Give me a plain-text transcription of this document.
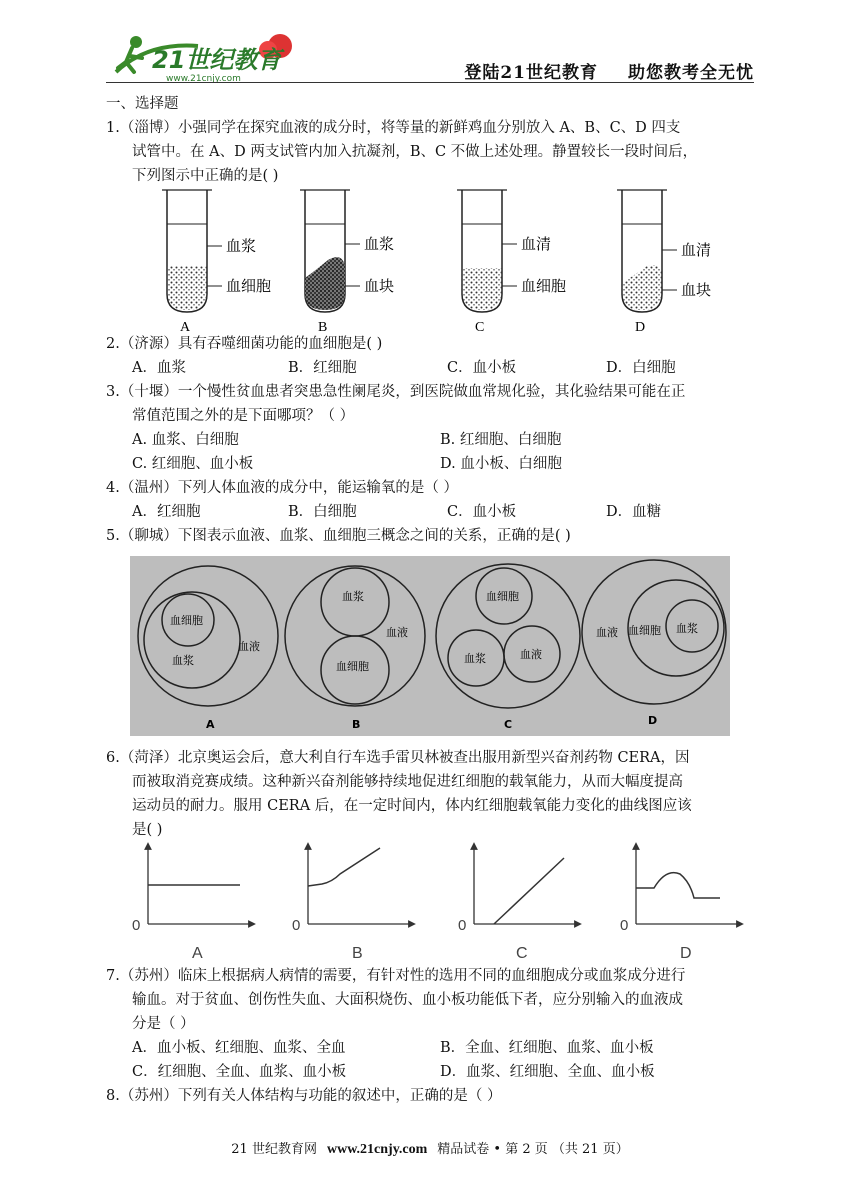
21世纪教育
www.21cnjy.com	登陆21世纪教育 助您教考全无忧
一、选择题
1.（淄博）小强同学在探究血液的成分时，将等量的新鲜鸡血分别放入 A、B、C、D 四支
试管中。在 A、D 两支试管内加入抗凝剂，B、C 不做上述处理。静置较长一段时间后，
下列图示中正确的是( )
血浆
血细胞
A
血浆
血块
B
血清
血细胞
C
血清
血块
D
2.（济源）具有吞噬细菌功能的血细胞是( )
A．血浆	B．红细胞	C．血小板	D．白细胞
3.（十堰）一个慢性贫血患者突患急性阑尾炎，到医院做血常规化验，其化验结果可能在正
常值范围之外的是下面哪项？（ ）
A. 血浆、白细胞	B. 红细胞、白细胞
C. 红细胞、血小板	D. 血小板、白细胞
4.（温州）下列人体血液的成分中，能运输氧的是（ ）
A．红细胞	B．白细胞	C．血小板	D．血糖
5.（聊城）下图表示血液、血浆、血细胞三概念之间的关系，正确的是( )
血细胞
血浆
血液
A
血浆
血液
血细胞
B
血细胞
血浆	血液
C
血液 血细胞 血浆
D
6.（菏泽）北京奥运会后，意大利自行车选手雷贝林被查出服用新型兴奋剂药物 CERA，因
而被取消竞赛成绩。这种新兴奋剂能够持续地促进红细胞的载氧能力，从而大幅度提高
运动员的耐力。服用 CERA 后，在一定时间内，体内红细胞载氧能力变化的曲线图应该
是( )
0
A
0
B
0
C
0
D
7.（苏州）临床上根据病人病情的需要，有针对性的选用不同的血细胞成分或血浆成分进行
输血。对于贫血、创伤性失血、大面积烧伤、血小板功能低下者，应分别输入的血液成
分是（ ）
A．血小板、红细胞、血浆、全血	B．全血、红细胞、血浆、血小板
C．红细胞、全血、血浆、血小板	D．血浆、红细胞、全血、血小板
8.（苏州）下列有关人体结构与功能的叙述中，正确的是（ ）
21 世纪教育网 www.21cnjy.com 精品试卷 • 第 2 页 （共 21 页）
